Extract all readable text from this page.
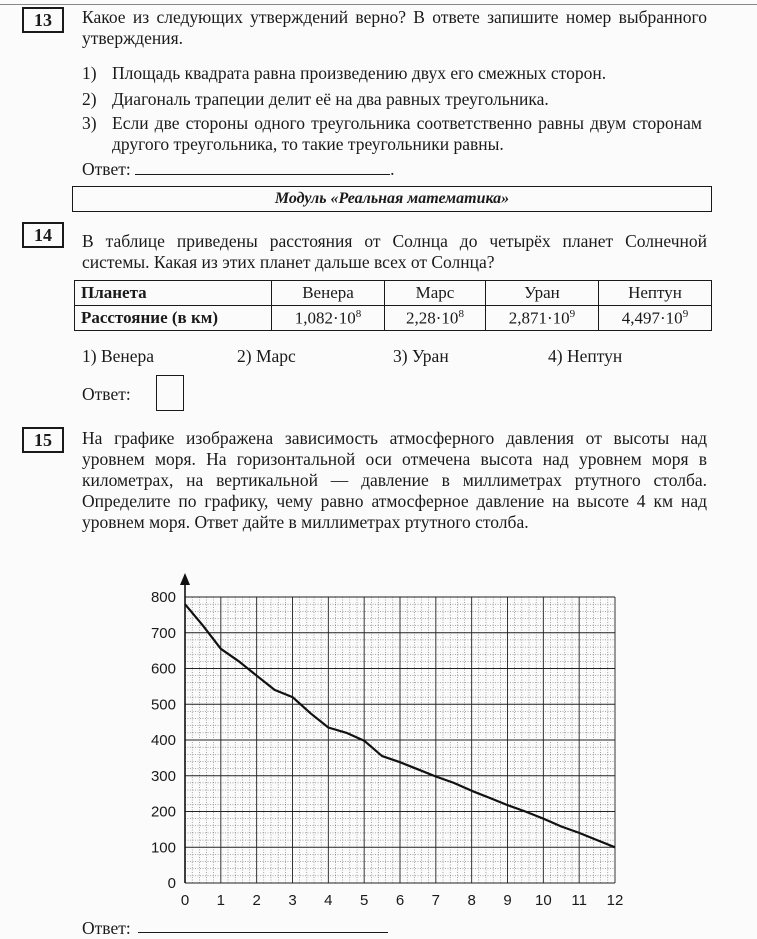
13	Какое из следующих утверждений верно? В ответе запишите номер выбранного утверждения.
1) Площадь квадрата равна произведению двух его смежных сторон.
2) Диагональ трапеции делит её на два равных треугольника.
3) Если две стороны одного треугольника соответственно равны двум сторонам другого треугольника, то такие треугольники равны.
Ответ:	.
Модуль «Реальная математика»
14	В таблице приведены расстояния от Солнца до четырёх планет Солнечной системы. Какая из этих планет дальше всех от Солнца?
Планета	Венера	Марс	Уран	Нептун
Расстояние (в км)	$1,082\cdot 10^8$	$2,28\cdot 10^8$	$2,871\cdot 10^9$	$4,497\cdot 10^9$
1) Венера	2) Марс	3) Уран	4) Нептун
Ответ:
15	На графике изображена зависимость атмосферного давления от высоты над уровнем моря. На горизонтальной оси отмечена высота над уровнем моря в километрах, на вертикальной — давление в миллиметрах ртутного столба. Определите по графику, чему равно атмосферное давление на высоте 4 км над уровнем моря. Ответ дайте в миллиметрах ртутного столба.
0 1 2 3 4 5 6 7 8 9 10 11 12
0
100
200
300
400
500
600
700
800
Ответ:
